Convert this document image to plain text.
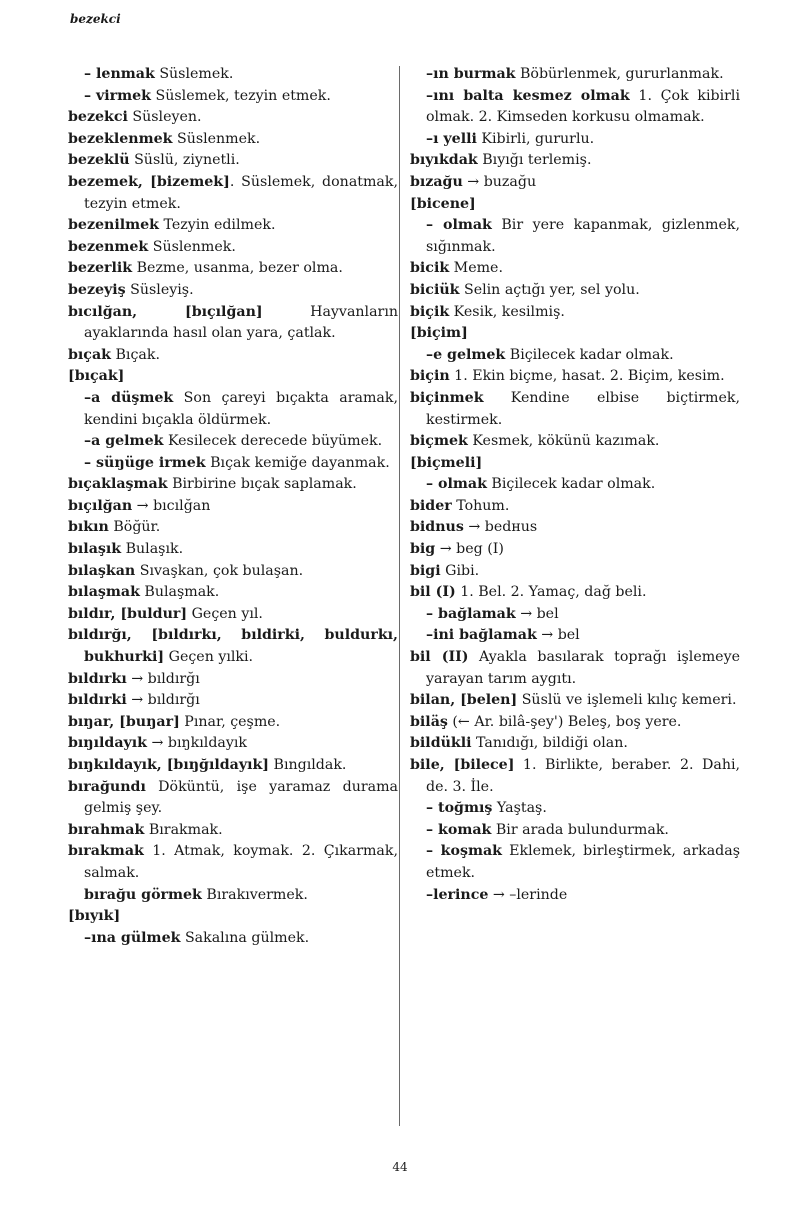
bezekci
– lenmak Süslemek.
– virmek Süslemek, tezyin etmek.
bezekci Süsleyen.
bezeklenmek Süslenmek.
bezeklü Süslü, ziynetli.
bezemek, [bizemek]. Süslemek, donatmak, tezyin etmek.
bezenilmek Tezyin edilmek.
bezenmek Süslenmek.
bezerlik Bezme, usanma, bezer olma.
bezeyiş Süsleyiş.
bıcılğan, [bıçılğan] Hayvanların ayaklarında hasıl olan yara, çatlak.
bıçak Bıçak.
[bıçak]
–a düşmek Son çareyi bıçakta aramak, kendini bıçakla öldürmek.
–a gelmek Kesilecek derecede büyümek.
– süŋüge irmek Bıçak kemiğe dayanmak.
bıçaklaşmak Birbirine bıçak saplamak.
bıçılğan → bıcılğan
bıkın Böğür.
bılaşık Bulaşık.
bılaşkan Sıvaşkan, çok bulaşan.
bılaşmak Bulaşmak.
bıldır, [buldur] Geçen yıl.
bıldırğı, [bıldırkı, bıldirki, buldurkı, bukhurki] Geçen yılki.
bıldırkı → bıldırğı
bıldırki → bıldırğı
bıŋar, [buŋar] Pınar, çeşme.
bıŋıldayık → bıŋkıldayık
bıŋkıldayık, [bıŋğıldayık] Bıngıldak.
bırağundı Döküntü, işe yaramaz durama gelmiş şey.
bırahmak Bırakmak.
bırakmak 1. Atmak, koymak. 2. Çıkarmak, salmak.
bırağu görmek Bırakıvermek.
[bıyık]
–ına gülmek Sakalına gülmek.
–ın burmak Böbürlenmek, gururlanmak.
–ını balta kesmez olmak 1. Çok kibirli olmak. 2. Kimseden korkusu olmamak.
–ı yelli Kibirli, gururlu.
bıyıkdak Bıyığı terlemiş.
bızağu → buzağu
[bicene]
– olmak Bir yere kapanmak, gizlenmek, sığınmak.
bicik Meme.
biciük Selin açtığı yer, sel yolu.
biçik Kesik, kesilmiş.
[biçim]
–e gelmek Biçilecek kadar olmak.
biçin 1. Ekin biçme, hasat. 2. Biçim, kesim.
biçinmek Kendine elbise biçtirmek, kestirmek.
biçmek Kesmek, kökünü kazımak.
[biçmeli]
– olmak Biçilecek kadar olmak.
bider Tohum.
bidnus → bedнus
big → beg (I)
bigi Gibi.
bil (I) 1. Bel. 2. Yamaç, dağ beli.
– bağlamak → bel
–ini bağlamak → bel
bil (II) Ayakla basılarak toprağı işlemeye yarayan tarım aygıtı.
bilan, [belen] Süslü ve işlemeli kılıç kemeri.
biläş (← Ar. bilâ-şey') Beleş, boş yere.
bildükli Tanıdığı, bildiği olan.
bile, [bilece] 1. Birlikte, beraber. 2. Dahi, de. 3. İle.
– toğmış Yaştaş.
– komak Bir arada bulundurmak.
– koşmak Eklemek, birleştirmek, arkadaş etmek.
–lerince → –lerinde
44
